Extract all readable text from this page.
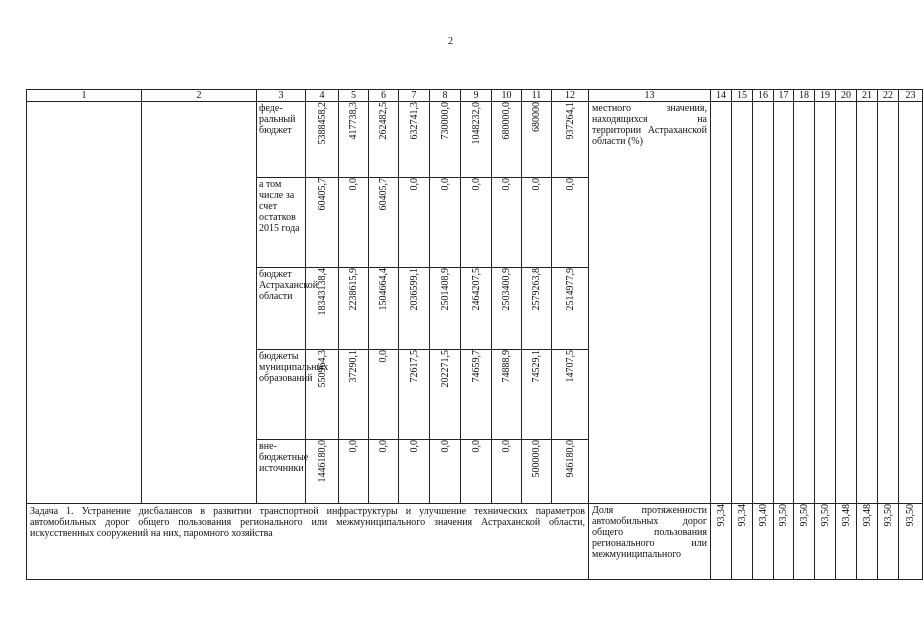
2
1	2	3	4	5	6	7	8	9	10	11	12	13	14	15	16	17	18	19	20	21	22	23
		феде-ральный бюджет	5388458,2	417738,3	262482,5	632741,3	730000,0	1048232,0	680000,0	680000	937264,1	местного значения, находящихся на территории Астраханской области (%)										
		а том числе за счет остатков 2015 года	60405,7	0,0	60405,7	0,0	0,0	0,0	0,0	0,0	0,0											

		бюджет Астраханской области	18343138,4	2238615,9	1504664,4	2036599,1	2501408,9	2464207,5	2503400,9	2579263,8	2514977,9											

		бюджеты муниципальных образований	550964,3	37290,1	0,0	72617,5	202271,5	74659,7	74888,9	74529,1	14707,5											

		вне-бюджетные источники	1446180,0	0,0	0,0	0,0	0,0	0,0	0,0	500000,0	946180,0											

Задача 1. Устранение дисбалансов в развитии транспортной инфраструктуры и улучшение технических параметров автомобильных дорог общего пользования регионального или межмуниципального значения Астраханской области, искусственных сооружений на них, паромного хозяйства												Доля протяженности автомобильных дорог общего пользования регионального или межмуниципального	93,34	93,34	93,40	93,50	93,50	93,50	93,48	93,48	93,50	93,50
